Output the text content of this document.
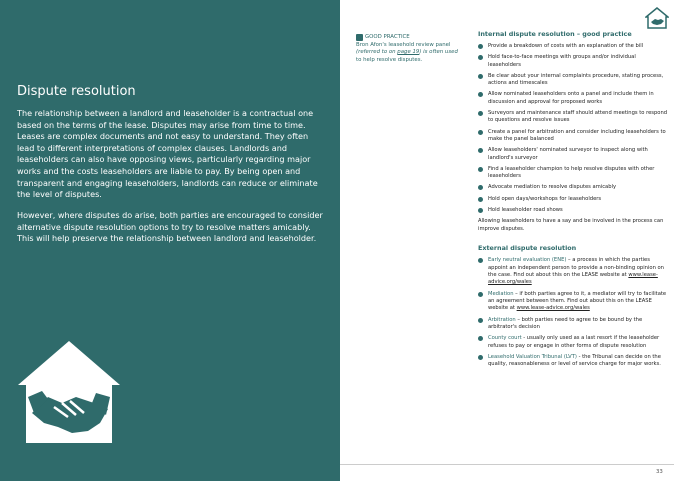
Dispute resolution

The relationship between a landlord and leaseholder is a contractual one based on the terms of the lease. Disputes may arise from time to time. Leases are complex documents and not easy to understand. They often lead to different interpretations of complex clauses. Landlords and leaseholders can also have opposing views, particularly regarding major works and the costs leaseholders are liable to pay. By being open and transparent and engaging leaseholders, landlords can reduce or eliminate the level of disputes.

However, where disputes do arise, both parties are encouraged to consider alternative dispute resolution options to try to resolve matters amicably. This will help preserve the relationship between landlord and leaseholder.

GOOD PRACTICE
Bron Afon's leasehold review panel
(referred to on page 19) is often used
to help resolve disputes.
Internal dispute resolution – good practice
Provide a breakdown of costs with an explanation of the bill
Hold face-to-face meetings with groups and/or individual leaseholders
Be clear about your internal complaints procedure, stating process, actions and timescales
Allow nominated leaseholders onto a panel and include them in discussion and approval for proposed works
Surveyors and maintenance staff should attend meetings to respond to questions and resolve issues
Create a panel for arbitration and consider including leaseholders to make the panel balanced
Allow leaseholders' nominated surveyor to inspect along with landlord's surveyor
Find a leaseholder champion to help resolve disputes with other leaseholders
Advocate mediation to resolve disputes amicably
Hold open days/workshops for leaseholders
Hold leaseholder road shows

Allowing leaseholders to have a say and be involved in the process can improve disputes.

External dispute resolution
Early neutral evaluation (ENE) – a process in which the parties appoint an independent person to provide a non-binding opinion on the case. Find out about this on the LEASE website at www.lease-advice.org/wales
Mediation – if both parties agree to it, a mediator will try to facilitate an agreement between them. Find out about this on the LEASE website at www.lease-advice.org/wales
Arbitration – both parties need to agree to be bound by the arbitrator's decision
County court - usually only used as a last resort if the leaseholder refuses to pay or engage in other forms of dispute resolution
Leasehold Valuation Tribunal (LVT) - the Tribunal can decide on the quality, reasonableness or level of service charge for major works.
33
